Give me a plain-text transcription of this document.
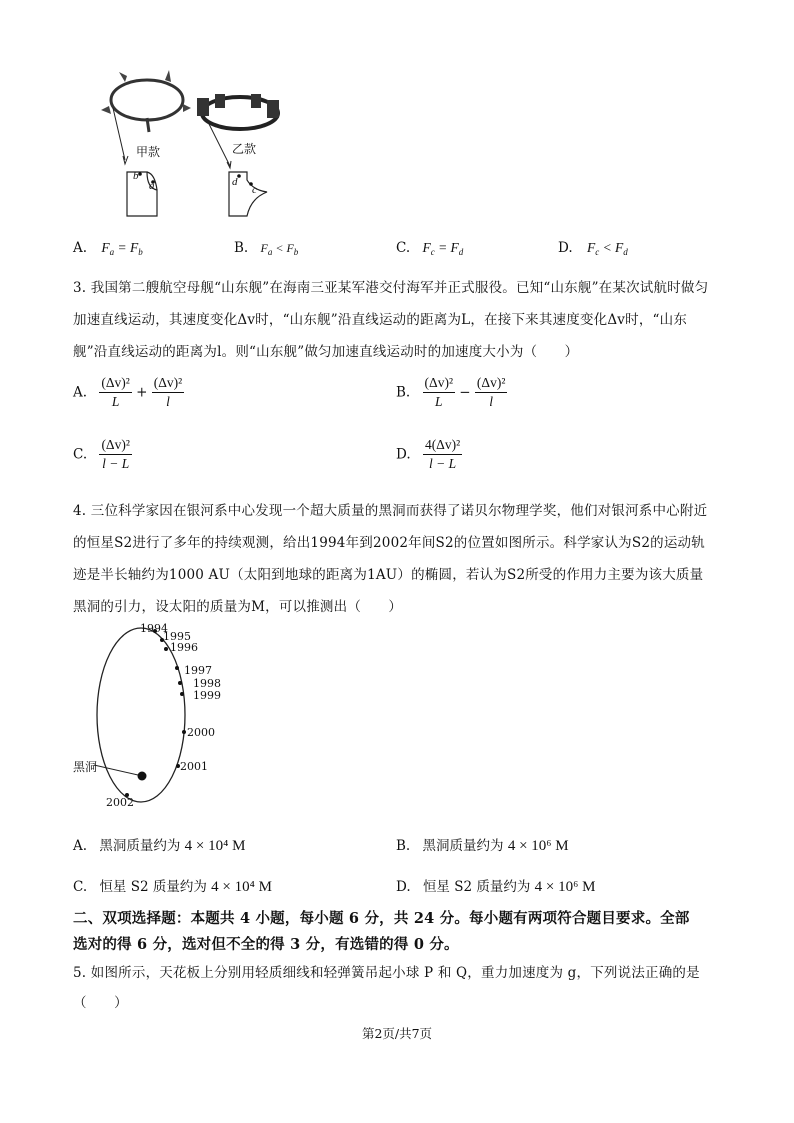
甲款	乙款
b
a	d
c
A. $F_a = F_b$	B. $F_a < F_b$	C. $F_c = F_d$	D. $F_c < F_d$
3. 我国第二艘航空母舰“山东舰”在海南三亚某军港交付海军并正式服役。已知“山东舰”在某次试航时做匀
加速直线运动，其速度变化Δv时，“山东舰”沿直线运动的距离为L，在接下来其速度变化Δv时，“山东
舰”沿直线运动的距离为l。则“山东舰”做匀加速直线运动时的加速度大小为（　　）
A. $\frac{\text{(Δv)²}}{L} + \frac{\text{(Δv)²}}{l}$	B. $\frac{\text{(Δv)²}}{L} - \frac{\text{(Δv)²}}{l}$
C. $\frac{\text{(Δv)²}}{l - L}$	D. $\frac{\text{4(Δv)²}}{l - L}$
4. 三位科学家因在银河系中心发现一个超大质量的黑洞而获得了诺贝尔物理学奖，他们对银河系中心附近
的恒星S2进行了多年的持续观测，给出1994年到2002年间S2的位置如图所示。科学家认为S2的运动轨
迹是半长轴约为1000 AU（太阳到地球的距离为1AU）的椭圆，若认为S2所受的作用力主要为该大质量
黑洞的引力，设太阳的质量为M，可以推测出（　　）
1994
1995
1996
1997
1998
1999
2000
2001
2002
黑洞
A. 黑洞质量约为 4 × 10⁴ M	B. 黑洞质量约为 4 × 10⁶ M
C. 恒星 S2 质量约为 4 × 10⁴ M	D. 恒星 S2 质量约为 4 × 10⁶ M
二、双项选择题：本题共 4 小题，每小题 6 分，共 24 分。每小题有两项符合题目要求。全部
选对的得 6 分，选对但不全的得 3 分，有选错的得 0 分。
5. 如图所示，天花板上分别用轻质细线和轻弹簧吊起小球 P 和 Q，重力加速度为 g，下列说法正确的是
（　　）
第2页/共7页
